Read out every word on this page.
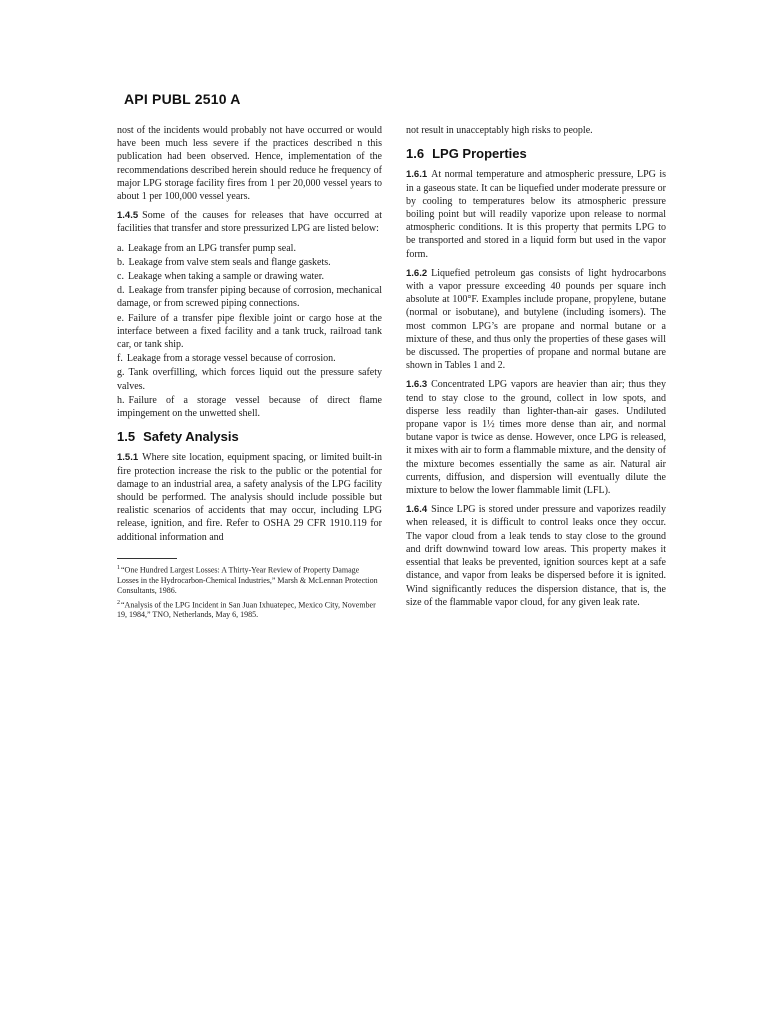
API PUBL 2510 A

nost of the incidents would probably not have occurred or would have been much less severe if the practices described n this publication had been observed. Hence, implementation of the recommendations described herein should reduce he frequency of major LPG storage facility fires from 1 per 20,000 vessel years to about 1 per 100,000 vessel years.

1.4.5 Some of the causes for releases that have occurred at facilities that transfer and store pressurized LPG are listed below:

a. Leakage from an LPG transfer pump seal.
b. Leakage from valve stem seals and flange gaskets.
c. Leakage when taking a sample or drawing water.
d. Leakage from transfer piping because of corrosion, mechanical damage, or from screwed piping connections.
e. Failure of a transfer pipe flexible joint or cargo hose at the interface between a fixed facility and a tank truck, railroad tank car, or tank ship.
f. Leakage from a storage vessel because of corrosion.
g. Tank overfilling, which forces liquid out the pressure safety valves.
h. Failure of a storage vessel because of direct flame impingement on the unwetted shell.
1.5 Safety Analysis

1.5.1 Where site location, equipment spacing, or limited built-in fire protection increase the risk to the public or the potential for damage to an industrial area, a safety analysis of the LPG facility should be performed. The analysis should include possible but realistic scenarios of accidents that may occur, including LPG release, ignition, and fire. Refer to OSHA 29 CFR 1910.119 for additional information and

$^1$“One Hundred Largest Losses: A Thirty-Year Review of Property Damage Losses in the Hydrocarbon-Chemical Industries,” Marsh & McLennan Protection Consultants, 1986.

$^2$“Analysis of the LPG Incident in San Juan Ixhuatepec, Mexico City, November 19, 1984,” TNO, Netherlands, May 6, 1985.

not result in unacceptably high risks to people.

1.6 LPG Properties

1.6.1 At normal temperature and atmospheric pressure, LPG is in a gaseous state. It can be liquefied under moderate pressure or by cooling to temperatures below its atmospheric pressure boiling point but will readily vaporize upon release to normal atmospheric conditions. It is this property that permits LPG to be transported and stored in a liquid form but used in the vapor form.

1.6.2 Liquefied petroleum gas consists of light hydrocarbons with a vapor pressure exceeding 40 pounds per square inch absolute at 100°F. Examples include propane, propylene, butane (normal or isobutane), and butylene (including isomers). The most common LPG’s are propane and normal butane or a mixture of these, and thus only the properties of these gases will be discussed. The properties of propane and normal butane are shown in Tables 1 and 2.

1.6.3 Concentrated LPG vapors are heavier than air; thus they tend to stay close to the ground, collect in low spots, and disperse less readily than lighter-than-air gases. Undiluted propane vapor is 1½ times more dense than air, and normal butane vapor is twice as dense. However, once LPG is released, it mixes with air to form a flammable mixture, and the density of the mixture becomes essentially the same as air. Natural air currents, diffusion, and dispersion will eventually dilute the mixture to below the lower flammable limit (LFL).

1.6.4 Since LPG is stored under pressure and vaporizes readily when released, it is difficult to control leaks once they occur. The vapor cloud from a leak tends to stay close to the ground and drift downwind toward low areas. This property makes it essential that leaks be prevented, ignition sources kept at a safe distance, and vapor from leaks be dispersed before it is ignited. Wind significantly reduces the dispersion distance, that is, the size of the flammable vapor cloud, for any given leak rate.
